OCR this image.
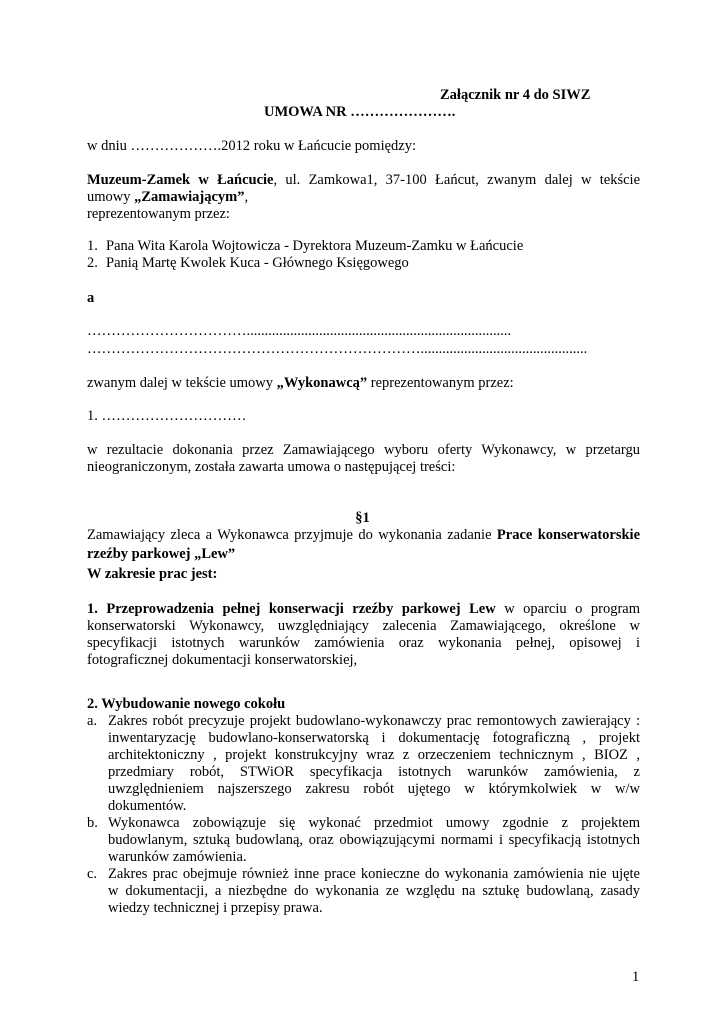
Załącznik nr 4 do SIWZ
UMOWA NR ………………….
w dniu ……………….2012 roku w Łańcucie pomiędzy:
Muzeum-Zamek w Łańcucie, ul. Zamkowa1, 37-100 Łańcut, zwanym dalej w tekście
umowy „Zamawiającym”,
reprezentowanym przez:
1. Pana Wita Karola Wojtowicza - Dyrektora Muzeum-Zamku w Łańcucie
2. Panią Martę Kwolek Kuca - Głównego Księgowego
a
…………………………….........................................................................
……………………………………………………………..............................................
zwanym dalej w tekście umowy „Wykonawcą” reprezentowanym przez:
1. …………………………
w rezultacie dokonania przez Zamawiającego wyboru oferty Wykonawcy, w przetargu
nieograniczonym, została zawarta umowa o następującej treści:
§1
Zamawiający zleca a Wykonawca przyjmuje do wykonania zadanie Prace konserwatorskie
rzeźby parkowej „Lew”
W zakresie prac jest:
1. Przeprowadzenia pełnej konserwacji rzeźby parkowej Lew w oparciu o program
konserwatorski Wykonawcy, uwzględniający zalecenia Zamawiającego, określone w
specyfikacji istotnych warunków zamówienia oraz wykonania pełnej, opisowej i
fotograficznej dokumentacji konserwatorskiej,
2. Wybudowanie nowego cokołu
a. Zakres robót precyzuje projekt budowlano-wykonawczy prac remontowych zawierający :
inwentaryzację budowlano-konserwatorską i dokumentację fotograficzną , projekt
architektoniczny , projekt konstrukcyjny wraz z orzeczeniem technicznym , BIOZ ,
przedmiary robót, STWiOR specyfikacja istotnych warunków zamówienia, z
uwzględnieniem najszerszego zakresu robót ujętego w którymkolwiek w w/w
dokumentów.
b. Wykonawca zobowiązuje się wykonać przedmiot umowy zgodnie z projektem
budowlanym, sztuką budowlaną, oraz obowiązującymi normami i specyfikacją istotnych
warunków zamówienia.
c. Zakres prac obejmuje również inne prace konieczne do wykonania zamówienia nie ujęte
w dokumentacji, a niezbędne do wykonania ze względu na sztukę budowlaną, zasady
wiedzy technicznej i przepisy prawa.
1
